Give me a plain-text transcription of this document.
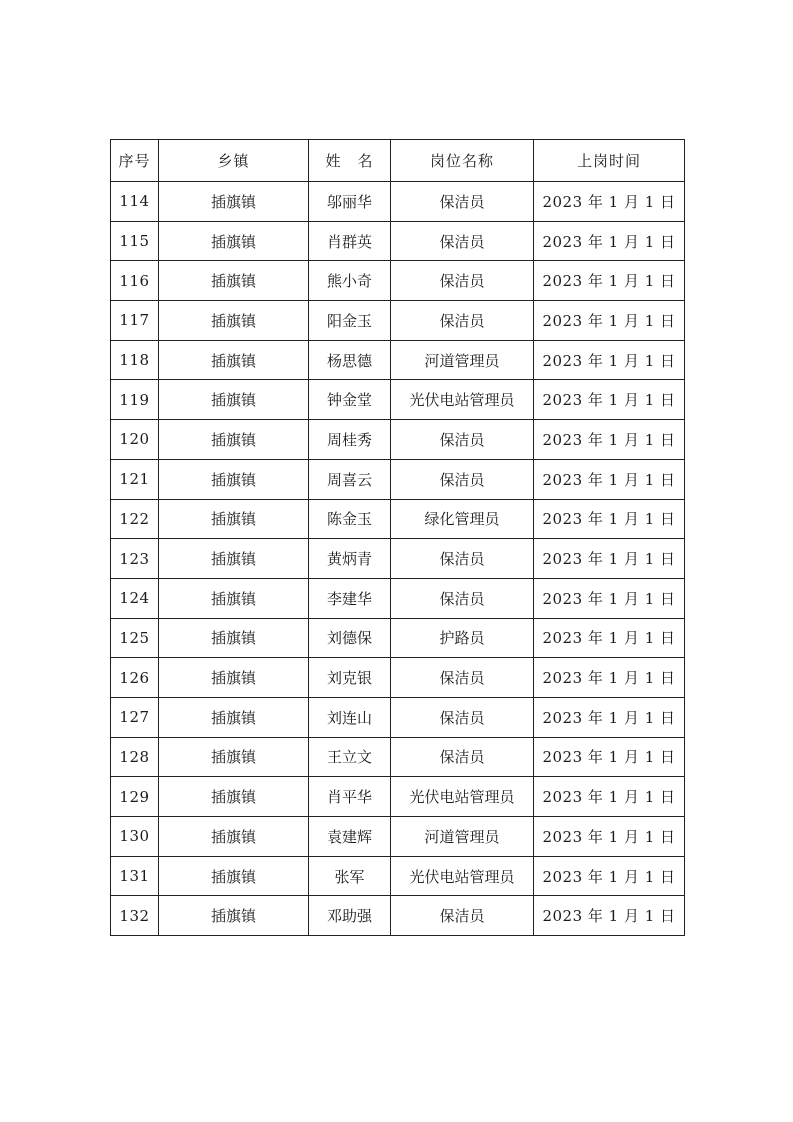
序号	乡镇	姓　名	岗位名称	上岗时间
114	插旗镇	邬丽华	保洁员	2023 年 1 月 1 日
115	插旗镇	肖群英	保洁员	2023 年 1 月 1 日
116	插旗镇	熊小奇	保洁员	2023 年 1 月 1 日
117	插旗镇	阳金玉	保洁员	2023 年 1 月 1 日
118	插旗镇	杨思德	河道管理员	2023 年 1 月 1 日
119	插旗镇	钟金堂	光伏电站管理员	2023 年 1 月 1 日
120	插旗镇	周桂秀	保洁员	2023 年 1 月 1 日
121	插旗镇	周喜云	保洁员	2023 年 1 月 1 日
122	插旗镇	陈金玉	绿化管理员	2023 年 1 月 1 日
123	插旗镇	黄炳青	保洁员	2023 年 1 月 1 日
124	插旗镇	李建华	保洁员	2023 年 1 月 1 日
125	插旗镇	刘德保	护路员	2023 年 1 月 1 日
126	插旗镇	刘克银	保洁员	2023 年 1 月 1 日
127	插旗镇	刘连山	保洁员	2023 年 1 月 1 日
128	插旗镇	王立文	保洁员	2023 年 1 月 1 日
129	插旗镇	肖平华	光伏电站管理员	2023 年 1 月 1 日
130	插旗镇	袁建辉	河道管理员	2023 年 1 月 1 日
131	插旗镇	张军	光伏电站管理员	2023 年 1 月 1 日
132	插旗镇	邓助强	保洁员	2023 年 1 月 1 日
